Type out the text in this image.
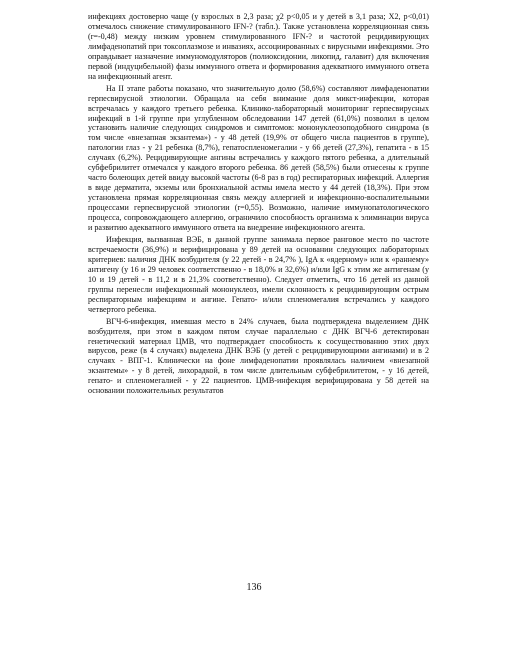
инфекциях достоверно чаще (у взрослых в 2,3 раза; χ2 p<0,05 и у детей в 3,1 раза; Χ2, p<0,01) отмечалось снижение стимулированного IFN-? (табл.). Также установлена корреляционная связь (r=-0,48) между низким уровнем стимулированного IFN-? и частотой рецидивирующих лимфаденопатий при токсоплазмозе и инвазиях, ассоциированных с вирусными инфекциями. Это оправдывает назначение иммуномодуляторов (полиоксидонии, ликопид, галавит) для включения первой (индуцибельной) фазы иммунного ответа и формирования адекватного иммунного ответа на инфекционный агент.

На II этапе работы показано, что значительную долю (58,6%) составляют лимфаденопатии герпесвирусной этиологии. Обращала на себя внимание доля микст-инфекции, которая встречалась у каждого третьего ребенка. Клинико-лабораторный мониторинг герпесвирусных инфекций в 1-й группе при углубленном обследовании 147 детей (61,0%) позволил в целом установить наличие следующих синдромов и симптомов: мононуклеозоподобного синдрома (в том числе «внезапная экзантема») - у 48 детей (19,9% от общего числа пациентов в группе), патологии глаз - у 21 ребенка (8,7%), гепатоспленомегалии - у 66 детей (27,3%), гепатита - в 15 случаях (6,2%). Рецидивирующие ангины встречались у каждого пятого ребенка, а длительный субфебрилитет отмечался у каждого второго ребенка. 86 детей (58,5%) были отнесены к группе часто болеющих детей ввиду высокой частоты (6-8 раз в год) респираторных инфекций. Аллергия в виде дерматита, экземы или бронхиальной астмы имела место у 44 детей (18,3%). При этом установлена прямая корреляционная связь между аллергией и инфекционно-воспалительными процессами герпесвирусной этиологии (r=0,55). Возможно, наличие иммунопатологического процесса, сопровождающего аллергию, ограничило способность организма к элиминации вируса и развитию адекватного иммунного ответа на внедрение инфекционного агента.

Инфекция, вызванная ВЭБ, в данной группе занимала первое ранговое место по частоте встречаемости (36,9%) и верифицирована у 89 детей на основании следующих лабораторных критериев: наличия ДНК возбудителя (у 22 детей - в 24,7% ), IgA к «ядерному» или к «раннему» антигену (у 16 и 29 человек соответственно - в 18,0% и 32,6%) и/или IgG к этим же антигенам (у 10 и 19 детей - в 11,2 и в 21,3% соответственно). Следует отметить, что 16 детей из данной группы перенесли инфекционный мононуклеоз, имели склонность к рецидивирующим острым респираторным инфекциям и ангине. Гепато- и/или спленомегалия встречались у каждого четвертого ребенка.

ВГЧ-6-инфекция, имевшая место в 24% случаев, была подтверждена выделением ДНК возбудителя, при этом в каждом пятом случае параллельно с ДНК ВГЧ-6 детектирован генетический материал ЦМВ, что подтверждает способность к сосуществованию этих двух вирусов, реже (в 4 случаях) выделена ДНК ВЭБ (у детей с рецидивирующими ангинами) и в 2 случаях - ВПГ-1. Клинически на фоне лимфаденопатии проявлялась наличием «внезапной экзантемы» - у 8 детей, лихорадкой, в том числе длительным субфебрилитетом, - у 16 детей, гепато- и спленомегалией - у 22 пациентов. ЦМВ-инфекция верифицирована у 58 детей на основании положительных результатов

136
